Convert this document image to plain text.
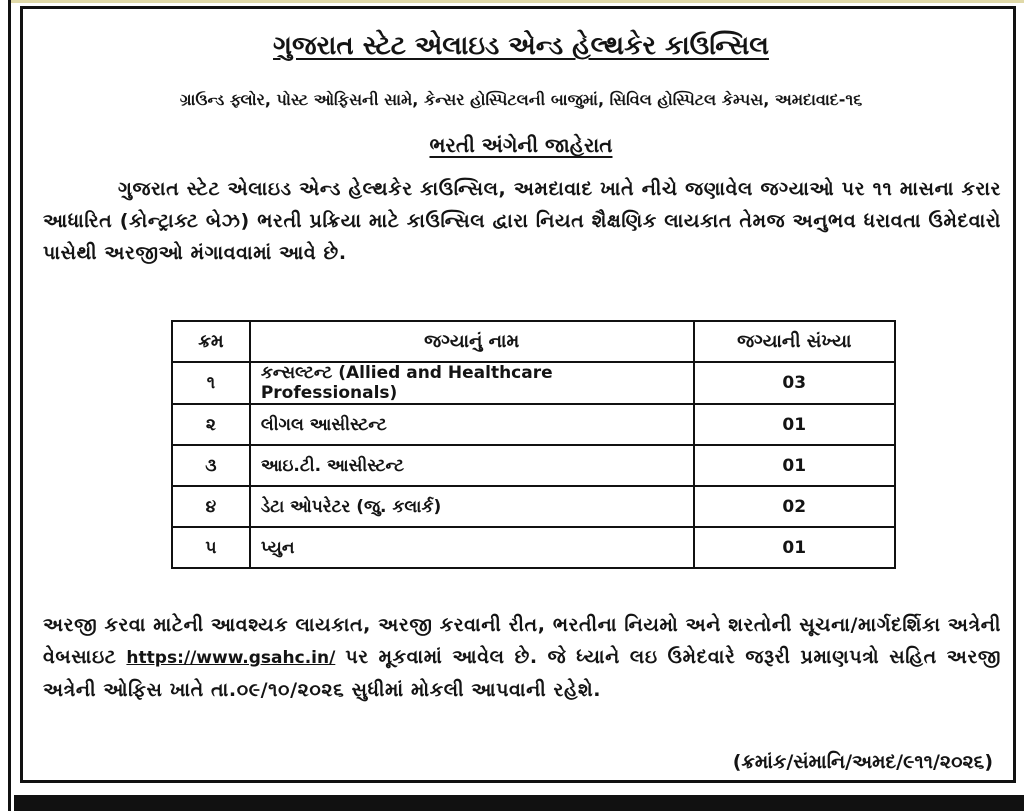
ગુજરાત સ્ટેટ એલાઇડ એન્ડ હેલ્થકેર કાઉન્સિલ
ગ્રાઉન્ડ ફ્લોર, પોસ્ટ ઓફિસની સામે, કેન્સર હોસ્પિટલની બાજુમાં, સિવિલ હોસ્પિટલ કેમ્પસ, અમદાવાદ-૧૬
ભરતી અંગેની જાહેરાત
ગુજરાત સ્ટેટ એલાઇડ એન્ડ હેલ્થકેર કાઉન્સિલ, અમદાવાદ ખાતે નીચે જણાવેલ જગ્યાઓ પર ૧૧ માસના કરાર આધારિત (કોન્ટ્રાક્ટ બેઝ) ભરતી પ્રક્રિયા માટે કાઉન્સિલ દ્વારા નિયત શૈક્ષણિક લાયકાત તેમજ અનુભવ ધરાવતા ઉમેદવારો પાસેથી અરજીઓ મંગાવવામાં આવે છે.
ક્રમ	જગ્યાનું નામ	જગ્યાની સંખ્યા
૧	કન્સલ્ટન્ટ (Allied and Healthcare Professionals)	03
૨	લીગલ આસીસ્ટન્ટ	01
૩	આઇ.ટી. આસીસ્ટન્ટ	01
૪	ડેટા ઓપરેટર (જુ. કલાર્ક)	02
૫	પ્યુન	01
અરજી કરવા માટેની આવશ્યક લાયકાત, અરજી કરવાની રીત, ભરતીના નિયમો અને શરતોની સૂચના/માર્ગદર્શિકા અત્રેની વેબસાઇટ https://www.gsahc.in/ પર મૂકવામાં આવેલ છે. જે ધ્યાને લઇ ઉમેદવારે જરૂરી પ્રમાણપત્રો સહિત અરજી અત્રેની ઓફિસ ખાતે તા.૦૯/૧૦/૨૦૨૬ સુધીમાં મોકલી આપવાની રહેશે.
(ક્રમાંક/સંમાનિ/અમદ/૯૧૧/૨૦૨૬)
